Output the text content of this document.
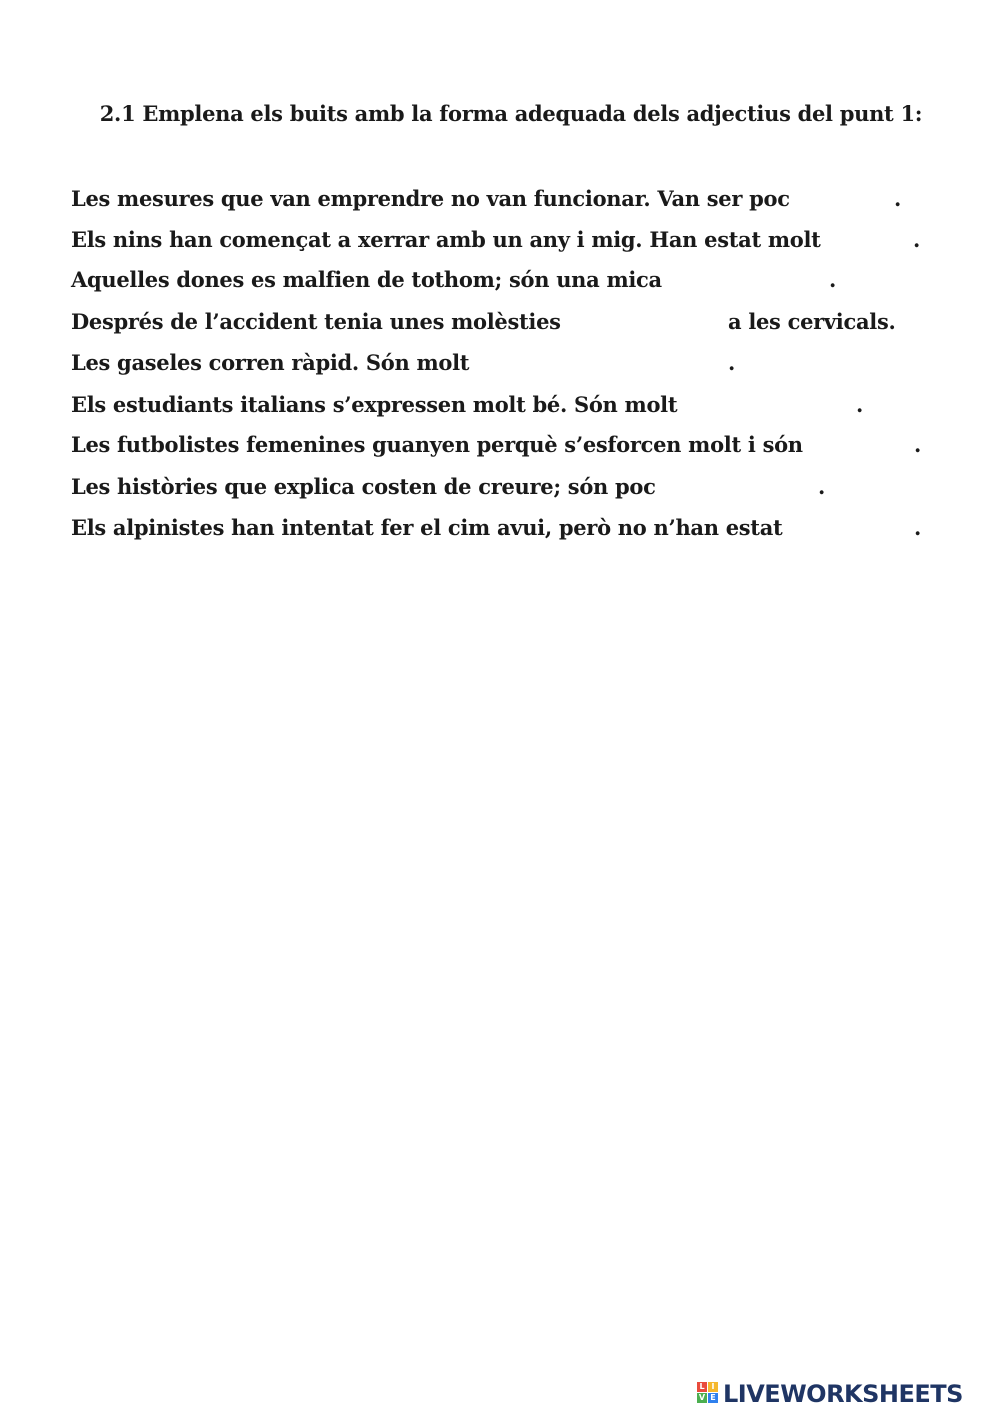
2.1 Emplena els buits amb la forma adequada dels adjectius del punt 1:
Les mesures que van emprendre no van funcionar. Van ser poc	.
Els nins han començat a xerrar amb un any i mig. Han estat molt	.
Aquelles dones es malfien de tothom; són una mica	.
Després de l’accident tenia unes molèsties	a les cervicals.
Les gaseles corren ràpid. Són molt	.
Els estudiants italians s’expressen molt bé. Són molt	.
Les futbolistes femenines guanyen perquè s’esforcen molt i són	.
Les històries que explica costen de creure; són poc	.
Els alpinistes han intentat fer el cim avui, però no n’han estat	.
L I
V E LIVEWORKSHEETS
